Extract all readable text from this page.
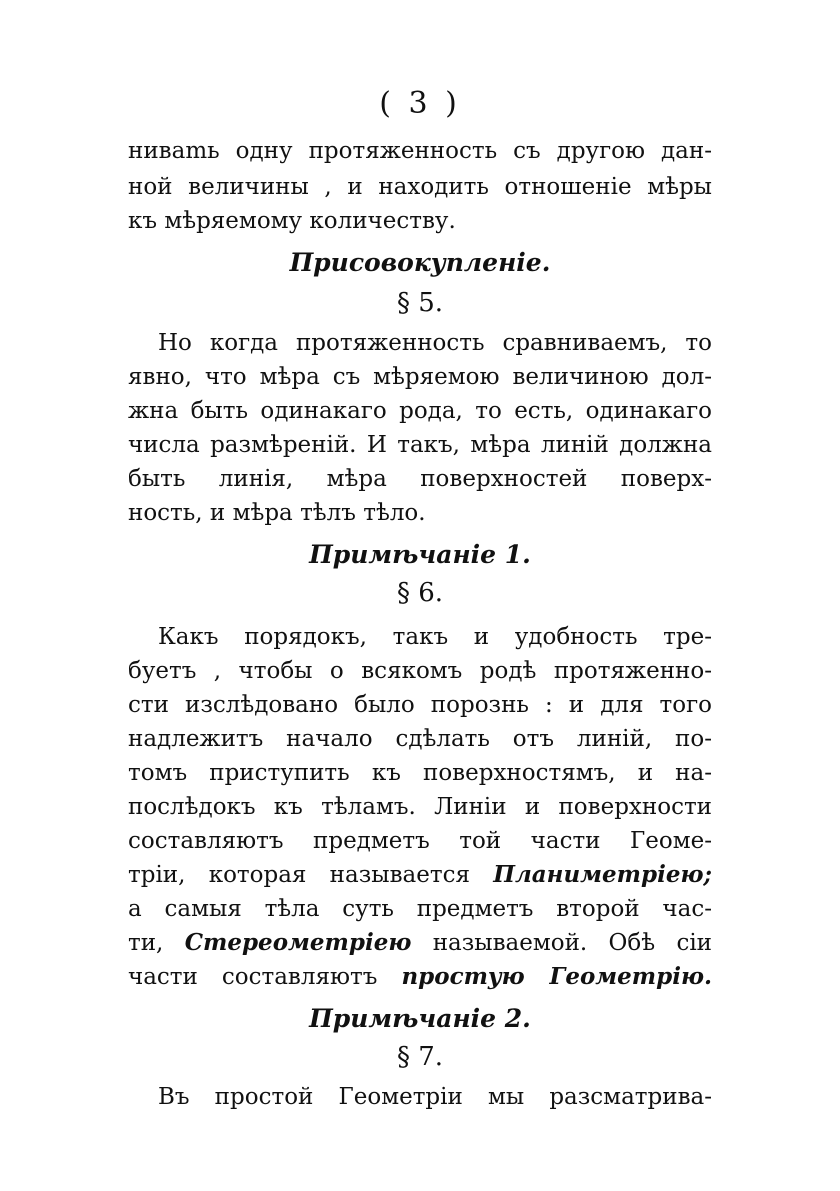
( 3 )
ниваmь одну протяженность съ другою дан-
ной величины , и находить отношеніе мѣры
къ мѣряемому количеству.
Присовокупленіе.
§ 5.
Но когда протяженность сравниваемъ, то
явно, что мѣра съ мѣряемою величиною дол-
жна быть одинакаго рода, то есть, одинакаго
числа размѣреній. И такъ, мѣра линій должна
быть линія, мѣра поверхностей поверх-
ность, и мѣра тѣлъ тѣло.
Примѣчаніе 1.
§ 6.
Какъ порядокъ, такъ и удобность тре-
буетъ , чтобы о всякомъ родѣ протяженно-
сти изслѣдовано было порознь : и для того
надлежитъ начало сдѣлать отъ линій, по-
томъ приступить къ поверхностямъ, и на-
послѣдокъ къ тѣламъ. Линіи и поверхности
составляютъ предметъ той части Геоме-
тріи, которая называется Планиметріею;
а самыя тѣла суть предметъ второй час-
ти, Стереометріею называемой. Обѣ сіи
части составляютъ простую Геометрію.
Примѣчаніе 2.
§ 7.
Въ простой Геометріи мы разсматрива-
